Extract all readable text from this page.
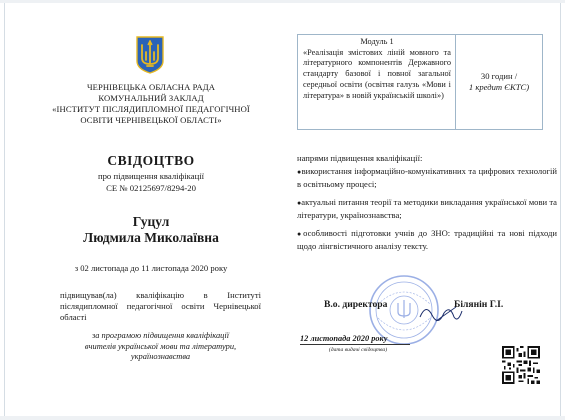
ЧЕРНІВЕЦЬКА ОБЛАСНА РАДА
КОМУНАЛЬНИЙ ЗАКЛАД
«ІНСТИТУТ ПІСЛЯДИПЛОМНОЇ ПЕДАГОГІЧНОЇ
ОСВІТИ ЧЕРНІВЕЦЬКОЇ ОБЛАСТІ»
Модуль 1
«Реалізація змістових ліній мовного та літературного компонентів Державного стандарту базової і повної загальної середньої освіти (освітня галузь «Мови і література» в новій українській школі»)
30 годин /
1 кредит ЄКТС)
СВІДОЦТВО
про підвищення кваліфікації
СЕ № 02125697/8294-20
Гуцул
Людмила Миколаївна
з 02 листопада до 11 листопада 2020 року
підвищував(ла) кваліфікацію в Інституті післядипломної педагогічної освіти Чернівецької області
за програмою підвищення кваліфікації
вчителів української мови та літератури,
українознавства
напрями підвищення кваліфікації:
●використання інформаційно-комунікативних та цифрових технологій в освітньому процесі;
●актуальні питання теорії та методики викладання української мови та літератури, українознавства;
●особливості підготовки учнів до ЗНО: традиційні та нові підходи щодо лінгвістичного аналізу тексту.
В.о. директора	Білянін Г.І.
12 листопада 2020 року
(дата видачі свідоцтва)
